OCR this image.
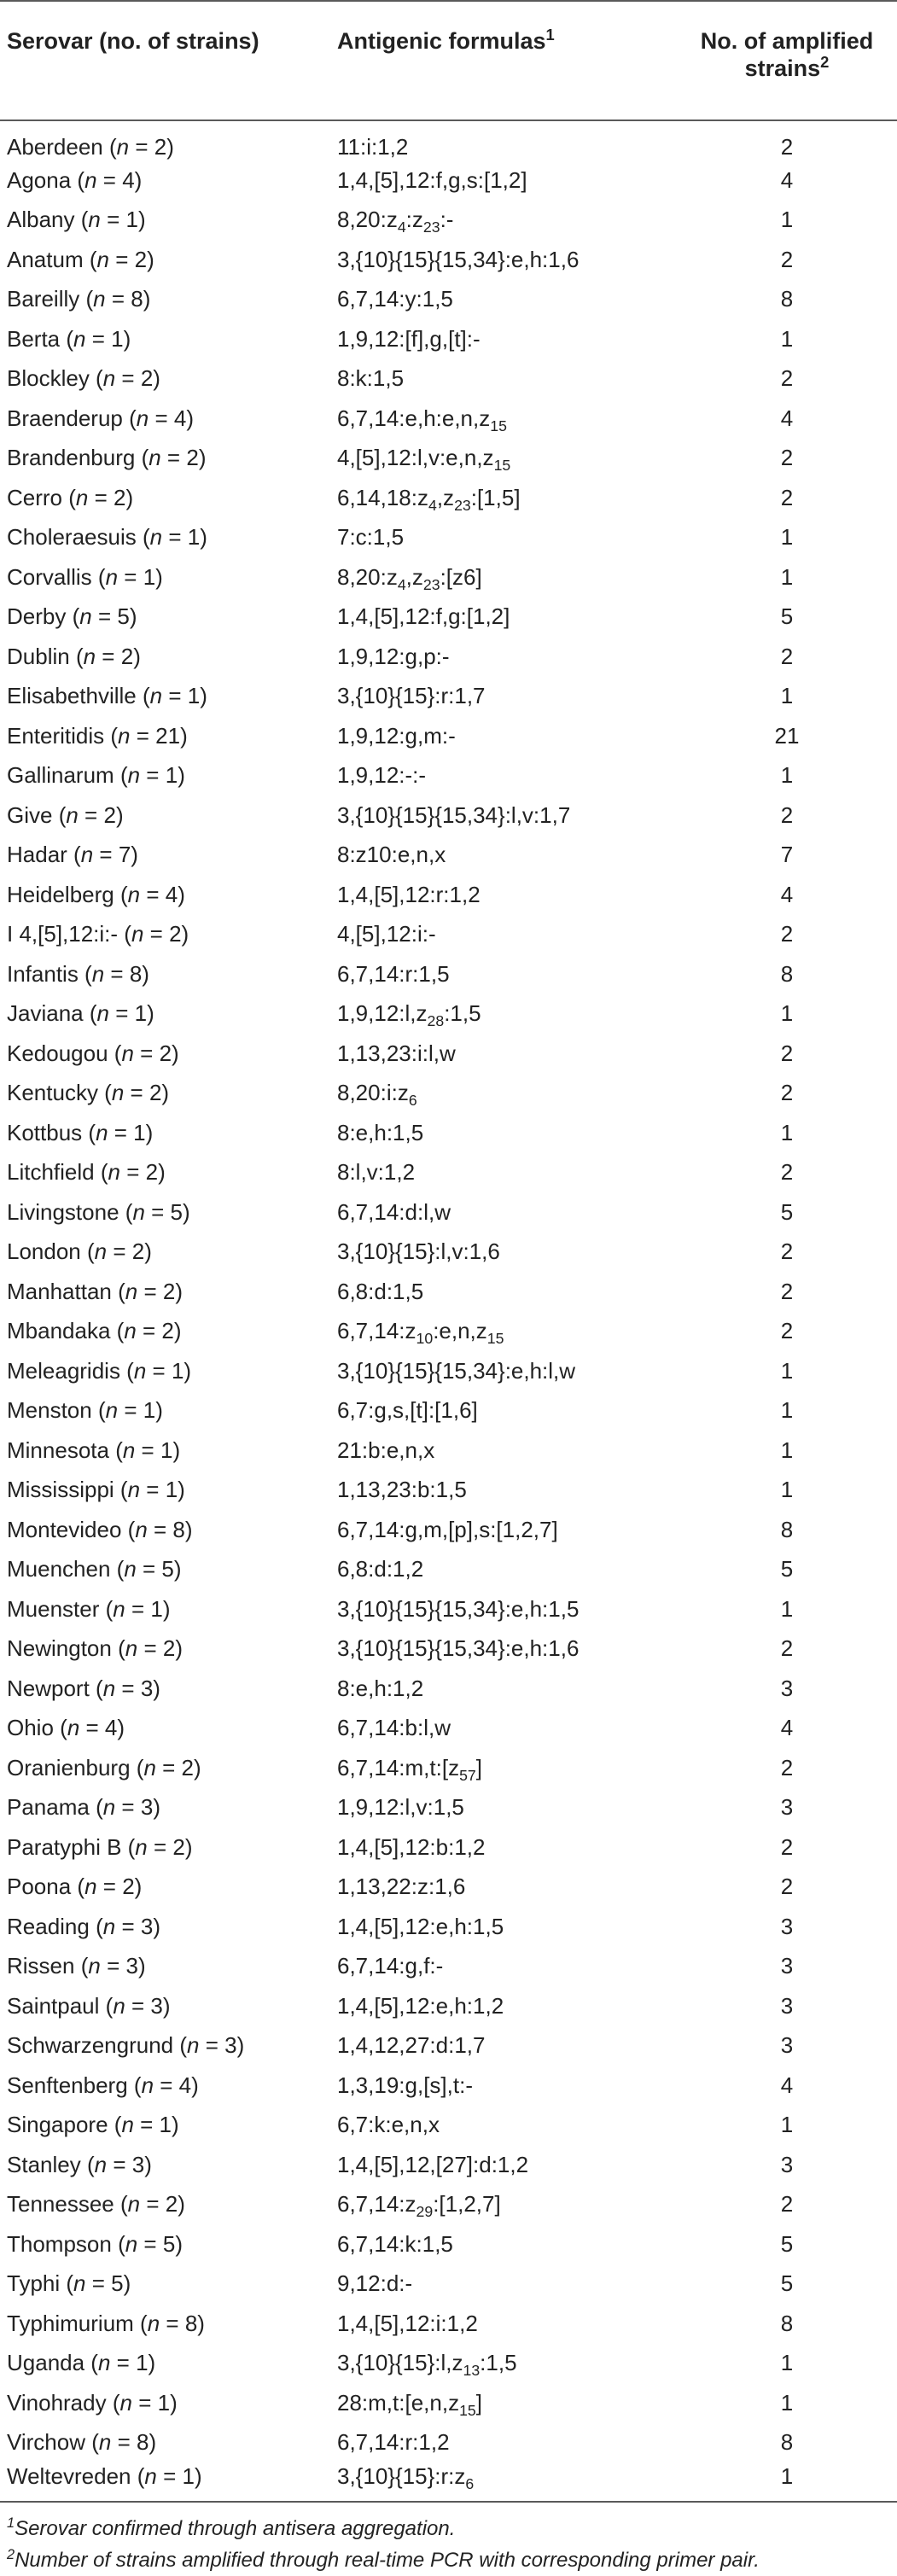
Serovar (no. of strains)	Antigenic formulas$^1$	No. of amplified
strains$^2$
Aberdeen (n = 2)	11:i:1,2	2
Agona (n = 4)	1,4,[5],12:f,g,s:[1,2]	4
Albany (n = 1)	$8,20:z_4:z_{23}:-$	1
Anatum (n = 2)	3,{10}{15}{15,34}:e,h:1,6	2
Bareilly (n = 8)	6,7,14:y:1,5	8
Berta (n = 1)	1,9,12:[f],g,[t]:-	1
Blockley (n = 2)	8:k:1,5	2
Braenderup (n = 4)	$6,7,14:e,h:e,n,z_{15}$	4
Brandenburg (n = 2)	$4,[5],12:l,v:e,n,z_{15}$	2
Cerro (n = 2)	$6,14,18:z_4,z_{23}:[1,5]$	2
Choleraesuis (n = 1)	7:c:1,5	1
Corvallis (n = 1)	$8,20:z_4,z_{23}:[z6]$	1
Derby (n = 5)	1,4,[5],12:f,g:[1,2]	5
Dublin (n = 2)	1,9,12:g,p:-	2
Elisabethville (n = 1)	3,{10}{15}:r:1,7	1
Enteritidis (n = 21)	1,9,12:g,m:-	21
Gallinarum (n = 1)	1,9,12:-:-	1
Give (n = 2)	3,{10}{15}{15,34}:l,v:1,7	2
Hadar (n = 7)	8:z10:e,n,x	7
Heidelberg (n = 4)	1,4,[5],12:r:1,2	4
I 4,[5],12:i:- (n = 2)	4,[5],12:i:-	2
Infantis (n = 8)	6,7,14:r:1,5	8
Javiana (n = 1)	$1,9,12:l,z_{28}:1,5$	1
Kedougou (n = 2)	1,13,23:i:l,w	2
Kentucky (n = 2)	$8,20:i:z_6$	2
Kottbus (n = 1)	8:e,h:1,5	1
Litchfield (n = 2)	8:l,v:1,2	2
Livingstone (n = 5)	6,7,14:d:l,w	5
London (n = 2)	3,{10}{15}:l,v:1,6	2
Manhattan (n = 2)	6,8:d:1,5	2
Mbandaka (n = 2)	$6,7,14:z_{10}:e,n,z_{15}$	2
Meleagridis (n = 1)	3,{10}{15}{15,34}:e,h:l,w	1
Menston (n = 1)	6,7:g,s,[t]:[1,6]	1
Minnesota (n = 1)	21:b:e,n,x	1
Mississippi (n = 1)	1,13,23:b:1,5	1
Montevideo (n = 8)	6,7,14:g,m,[p],s:[1,2,7]	8
Muenchen (n = 5)	6,8:d:1,2	5
Muenster (n = 1)	3,{10}{15}{15,34}:e,h:1,5	1
Newington (n = 2)	3,{10}{15}{15,34}:e,h:1,6	2
Newport (n = 3)	8:e,h:1,2	3
Ohio (n = 4)	6,7,14:b:l,w	4
Oranienburg (n = 2)	$6,7,14:m,t:[z_{57}]$	2
Panama (n = 3)	1,9,12:l,v:1,5	3
Paratyphi B (n = 2)	1,4,[5],12:b:1,2	2
Poona (n = 2)	1,13,22:z:1,6	2
Reading (n = 3)	1,4,[5],12:e,h:1,5	3
Rissen (n = 3)	6,7,14:g,f:-	3
Saintpaul (n = 3)	1,4,[5],12:e,h:1,2	3
Schwarzengrund (n = 3)	1,4,12,27:d:1,7	3
Senftenberg (n = 4)	1,3,19:g,[s],t:-	4
Singapore (n = 1)	6,7:k:e,n,x	1
Stanley (n = 3)	1,4,[5],12,[27]:d:1,2	3
Tennessee (n = 2)	$6,7,14:z_{29}:[1,2,7]$	2
Thompson (n = 5)	6,7,14:k:1,5	5
Typhi (n = 5)	9,12:d:-	5
Typhimurium (n = 8)	1,4,[5],12:i:1,2	8
Uganda (n = 1)	$3,\{10\}\{15\}:l,z_{13}:1,5$	1
Vinohrady (n = 1)	$28:m,t:[e,n,z_{15}]$	1
Virchow (n = 8)	6,7,14:r:1,2	8
Weltevreden (n = 1)	$3,\{10\}\{15\}:r:z_6$	1
$^1$Serovar confirmed through antisera aggregation.
$^2$Number of strains amplified through real-time PCR with corresponding primer pair.
